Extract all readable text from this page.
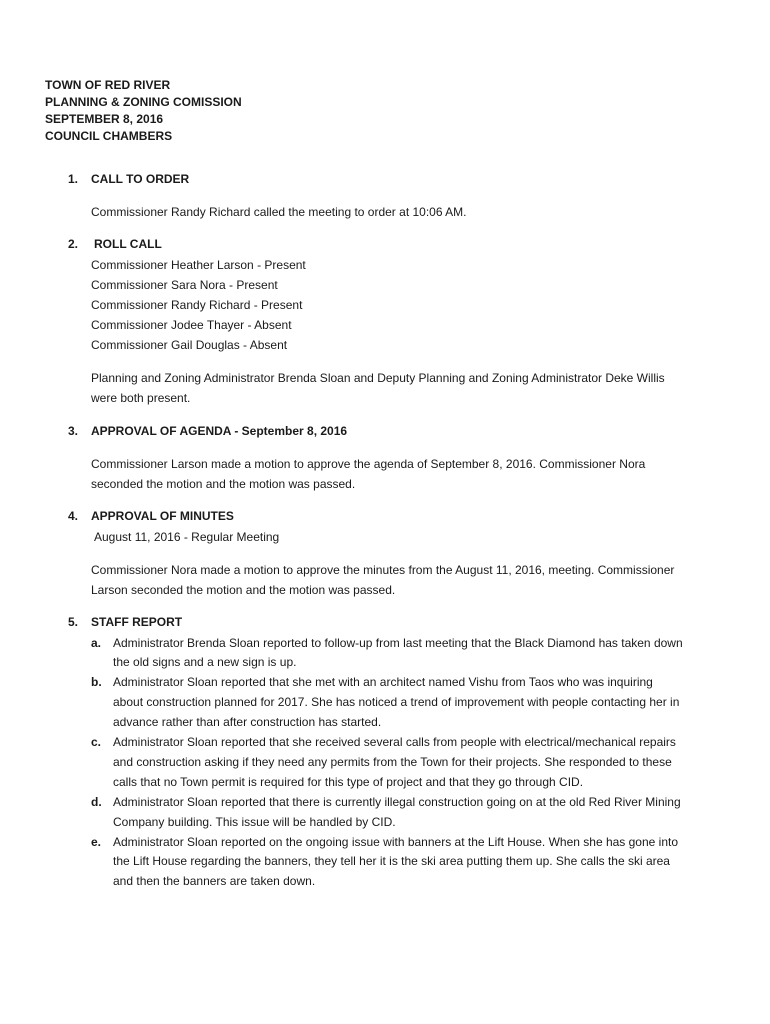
TOWN OF RED RIVER
PLANNING & ZONING COMISSION
SEPTEMBER 8, 2016
COUNCIL CHAMBERS
1. CALL TO ORDER
Commissioner Randy Richard called the meeting to order at 10:06 AM.
2. ROLL CALL
Commissioner Heather Larson - Present
Commissioner Sara Nora - Present
Commissioner Randy Richard - Present
Commissioner Jodee Thayer - Absent
Commissioner Gail Douglas - Absent
Planning and Zoning Administrator Brenda Sloan and Deputy Planning and Zoning Administrator Deke Willis
were both present.
3. APPROVAL OF AGENDA - September 8, 2016
Commissioner Larson made a motion to approve the agenda of September 8, 2016. Commissioner Nora
seconded the motion and the motion was passed.
4. APPROVAL OF MINUTES
August 11, 2016 - Regular Meeting
Commissioner Nora made a motion to approve the minutes from the August 11, 2016, meeting. Commissioner
Larson seconded the motion and the motion was passed.
5. STAFF REPORT
a. Administrator Brenda Sloan reported to follow-up from last meeting that the Black Diamond has taken down
the old signs and a new sign is up.
b. Administrator Sloan reported that she met with an architect named Vishu from Taos who was inquiring
about construction planned for 2017. She has noticed a trend of improvement with people contacting her in
advance rather than after construction has started.
c. Administrator Sloan reported that she received several calls from people with electrical/mechanical repairs
and construction asking if they need any permits from the Town for their projects. She responded to these
calls that no Town permit is required for this type of project and that they go through CID.
d. Administrator Sloan reported that there is currently illegal construction going on at the old Red River Mining
Company building. This issue will be handled by CID.
e. Administrator Sloan reported on the ongoing issue with banners at the Lift House. When she has gone into
the Lift House regarding the banners, they tell her it is the ski area putting them up. She calls the ski area
and then the banners are taken down.
